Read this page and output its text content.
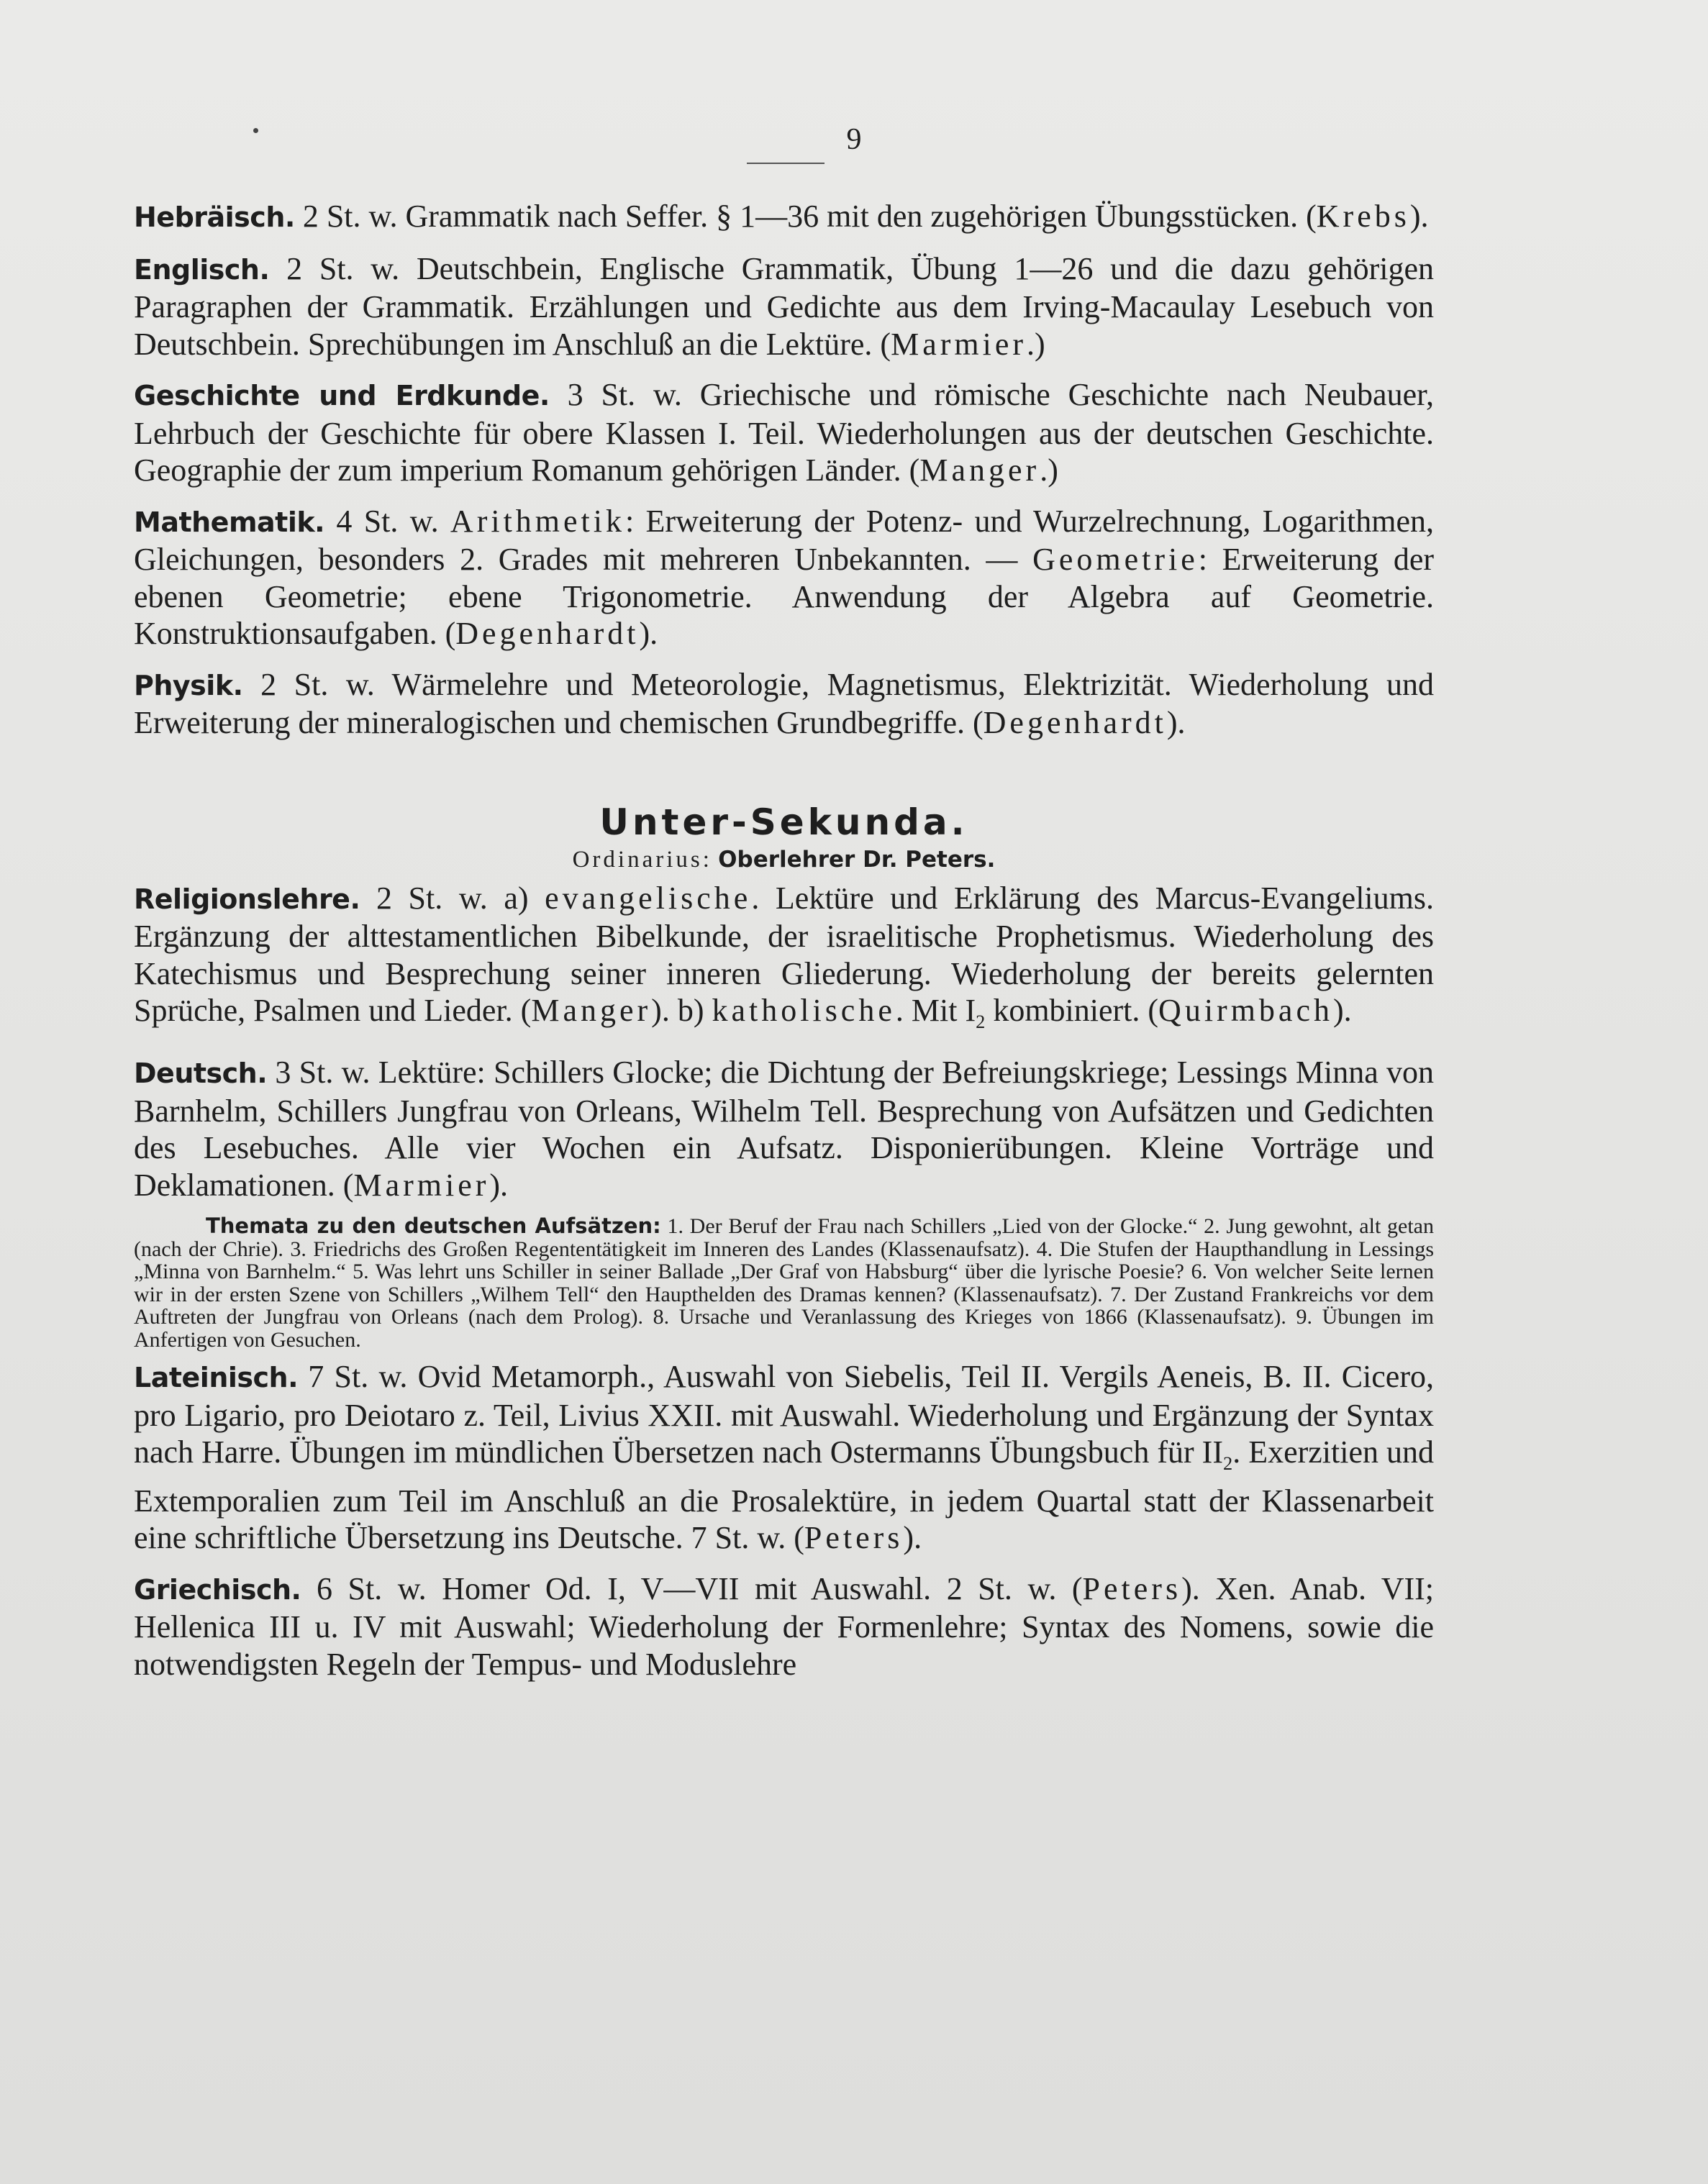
9

Hebräisch. 2 St. w. Grammatik nach Seffer. § 1—36 mit den zugehörigen Übungsstücken. (Krebs).

Englisch. 2 St. w. Deutschbein, Englische Grammatik, Übung 1—26 und die dazu gehörigen Paragraphen der Grammatik. Erzählungen und Gedichte aus dem Irving-Macaulay Lesebuch von Deutschbein. Sprechübungen im Anschluß an die Lektüre. (Marmier.)

Geschichte und Erdkunde. 3 St. w. Griechische und römische Geschichte nach Neubauer, Lehrbuch der Geschichte für obere Klassen I. Teil. Wiederholungen aus der deutschen Geschichte. Geographie der zum imperium Romanum gehörigen Länder. (Manger.)

Mathematik. 4 St. w. Arithmetik: Erweiterung der Potenz- und Wurzelrechnung, Logarithmen, Gleichungen, besonders 2. Grades mit mehreren Unbekannten. — Geometrie: Erweiterung der ebenen Geometrie; ebene Trigonometrie. Anwendung der Algebra auf Geometrie. Konstruktionsaufgaben. (Degenhardt).

Physik. 2 St. w. Wärmelehre und Meteorologie, Magnetismus, Elektrizität. Wiederholung und Erweiterung der mineralogischen und chemischen Grundbegriffe. (Degenhardt).

Unter-Sekunda.
Ordinarius: Oberlehrer Dr. Peters.

Religionslehre. 2 St. w. a) evangelische. Lektüre und Erklärung des Marcus-Evangeliums. Ergänzung der alttestamentlichen Bibelkunde, der israelitische Prophetismus. Wiederholung des Katechismus und Besprechung seiner inneren Gliederung. Wiederholung der bereits gelernten Sprüche, Psalmen und Lieder. (Manger). b) katholische. Mit $I_2$ kombiniert. (Quirmbach).

Deutsch. 3 St. w. Lektüre: Schillers Glocke; die Dichtung der Befreiungskriege; Lessings Minna von Barnhelm, Schillers Jungfrau von Orleans, Wilhelm Tell. Besprechung von Aufsätzen und Gedichten des Lesebuches. Alle vier Wochen ein Aufsatz. Disponierübungen. Kleine Vorträge und Deklamationen. (Marmier).

Themata zu den deutschen Aufsätzen: 1. Der Beruf der Frau nach Schillers „Lied von der Glocke.“ 2. Jung gewohnt, alt getan (nach der Chrie). 3. Friedrichs des Großen Regententätigkeit im Inneren des Landes (Klassenaufsatz). 4. Die Stufen der Haupthandlung in Lessings „Minna von Barnhelm.“ 5. Was lehrt uns Schiller in seiner Ballade „Der Graf von Habsburg“ über die lyrische Poesie? 6. Von welcher Seite lernen wir in der ersten Szene von Schillers „Wilhem Tell“ den Haupthelden des Dramas kennen? (Klassenaufsatz). 7. Der Zustand Frankreichs vor dem Auftreten der Jungfrau von Orleans (nach dem Prolog). 8. Ursache und Veranlassung des Krieges von 1866 (Klassenaufsatz). 9. Übungen im Anfertigen von Gesuchen.

Lateinisch. 7 St. w. Ovid Metamorph., Auswahl von Siebelis, Teil II. Vergils Aeneis, B. II. Cicero, pro Ligario, pro Deiotaro z. Teil, Livius XXII. mit Auswahl. Wiederholung und Ergänzung der Syntax nach Harre. Übungen im mündlichen Übersetzen nach Ostermanns Übungsbuch für $II_2$. Exerzitien und Extemporalien zum Teil im Anschluß an die Prosalektüre, in jedem Quartal statt der Klassenarbeit eine schriftliche Übersetzung ins Deutsche. 7 St. w. (Peters).

Griechisch. 6 St. w. Homer Od. I, V—VII mit Auswahl. 2 St. w. (Peters). Xen. Anab. VII; Hellenica III u. IV mit Auswahl; Wiederholung der Formenlehre; Syntax des Nomens, sowie die notwendigsten Regeln der Tempus- und Moduslehre
